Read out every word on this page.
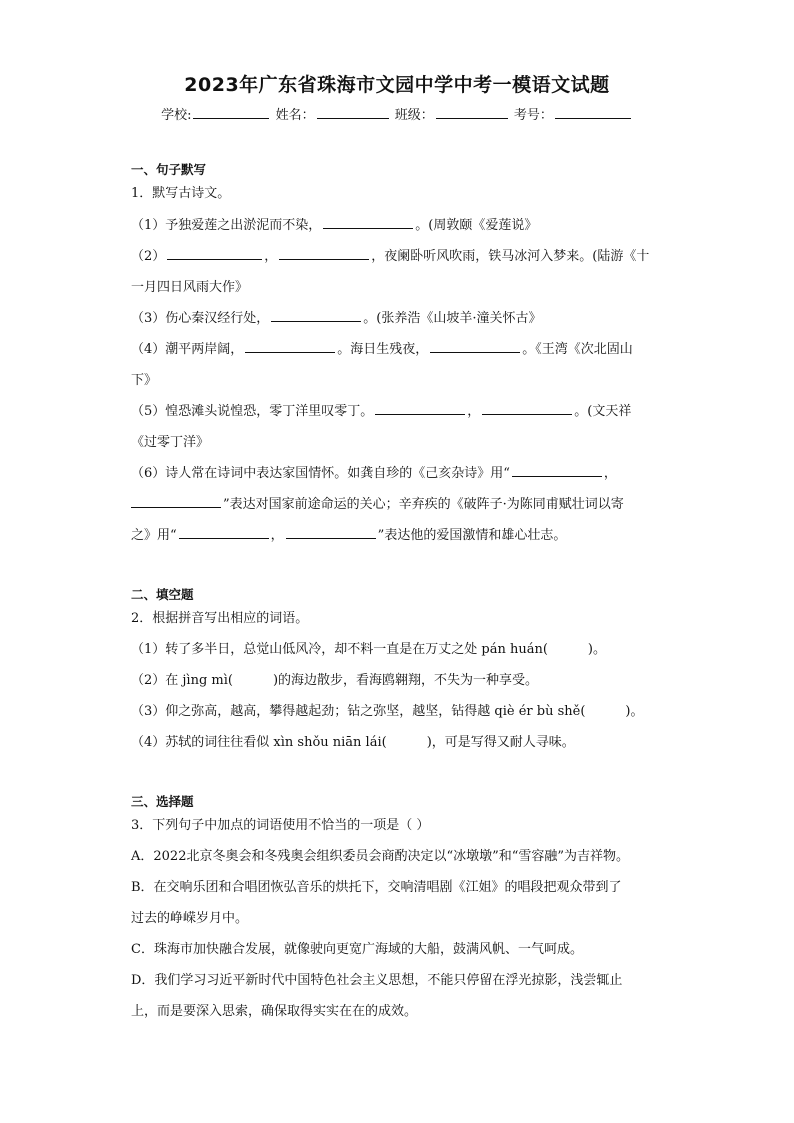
2023年广东省珠海市文园中学中考一模语文试题
学校:	姓名：	班级：	考号：

一、句子默写

1．默写古诗文。

（1）予独爱莲之出淤泥而不染，	。(周敦颐《爱莲说》

（2）	，	，夜阑卧听风吹雨，铁马冰河入梦来。(陆游《十

一月四日风雨大作》

（3）伤心秦汉经行处，	。(张养浩《山坡羊·潼关怀古》

（4）潮平两岸阔，	。海日生残夜，	。《王湾《次北固山

下》

（5）惶恐滩头说惶恐，零丁洋里叹零丁。	，	。(文天祥

《过零丁洋》

（6）诗人常在诗词中表达家国情怀。如龚自珍的《己亥杂诗》用“	，

”表达对国家前途命运的关心；辛弃疾的《破阵子·为陈同甫赋壮词以寄

之》用“	，	”表达他的爱国激情和雄心壮志。

二、填空题

2．根据拼音写出相应的词语。

（1）转了多半日，总觉山低风冷，却不料一直是在万丈之处 pán huán(	)。

（2）在 jìng mì(	)的海边散步，看海鸥翱翔，不失为一种享受。

（3）仰之弥高，越高，攀得越起劲；钻之弥坚，越坚，钻得越 qiè ér bù shě(	)。

（4）苏轼的词往往看似 xìn shǒu niān lái(	)，可是写得又耐人寻味。

三、选择题

3．下列句子中加点的词语使用不恰当的一项是（ ）

A．2022北京冬奥会和冬残奥会组织委员会商酌决定以“冰墩墩”和“雪容融”为吉祥物。

B．在交响乐团和合唱团恢弘音乐的烘托下，交响清唱剧《江姐》的唱段把观众带到了

过去的峥嵘岁月中。

C．珠海市加快融合发展，就像驶向更宽广海域的大船，鼓满风帆、一气呵成。

D．我们学习习近平新时代中国特色社会主义思想，不能只停留在浮光掠影，浅尝辄止

上，而是要深入思索，确保取得实实在在的成效。
